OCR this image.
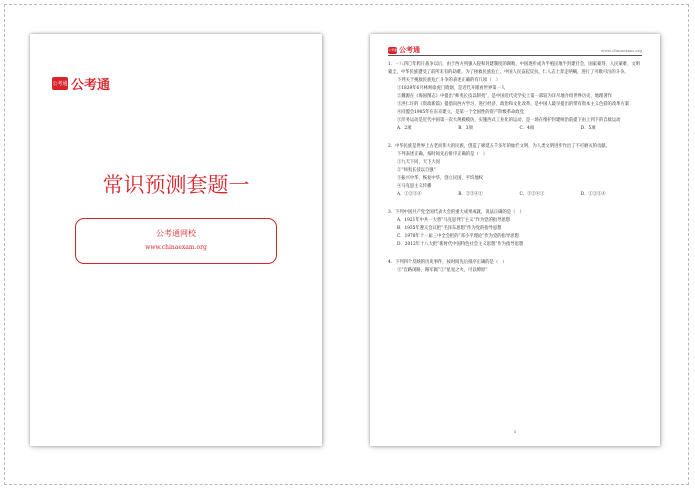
公考通 公考通
常识预测套题一
公考通网校
www.chinaexam.org
公考通 公考通	www.chinaexam.org

1．一八四〇年鸦片战争以后，由于西方列强入侵和封建制度的腐败，中国逐步成为半殖民地半封建社会，国家蒙辱、人民蒙难、文明蒙尘，中华民族遭受了前所未有的劫难。为了拯救民族危亡，中国人民奋起反抗，仁人志士奔走呐喊，进行了可歌可泣的斗争。

下列关于挽救民族危亡斗争的表述正确的有几项（　）

①1839年6月林则徐虎门销烟，是近代开眼看世界第一人

②魏源在《海国图志》中提出“师夷长技以制夷”，是中国近代史学史上第一部较为详尽地介绍世界历史、地理著作

③洪仁玕的《资政新篇》提倡向西方学习，进行经济、政治和文化改革，是中国人最早提出的带有资本主义色彩的改革方案

④同盟会1905年在东京建立，是第一个全国性的资产阶级革命政党

⑤洋务运动是近代中国第一次大规模模仿、实施西式工业化的运动，是一场在维护封建统治前提下由上到下的自救运动

A．2项	B．3项	C．4项	D．5项

2．中华民族是世界上古老而伟大的民族，创造了绵延五千多年的灿烂文明，为人类文明进步作出了不可磨灭的贡献。

下列表述正确，按时间先后排序正确的是（　）

①九天下同，天下大同

②“师夷长技以自强”

③振兴中华，恢复中华，创立民国，平均地权

④马克思主义传播

A．①②③④	B．②③④①	C．③②④①	D．①②③④

3．下列中国共产党全国代表大会的重大成果成就，说法正确的是（　）

A．1921年中共一大将“马克思列宁主义”作为党的指导思想

B．1935年遵义会议把“毛泽东思想”作为党的指导思想

C．1978年十一届三中全会把的“邓小平理论”作为党的指导思想

D．2012年十八大把“新时代中国特色社会主义思想”作为指导思想

4．下列四个反映的历史事件，按时间先后排序正确的是（　）

①“官路闭路，路军阀”②“星星之火，可以燎原”

1
